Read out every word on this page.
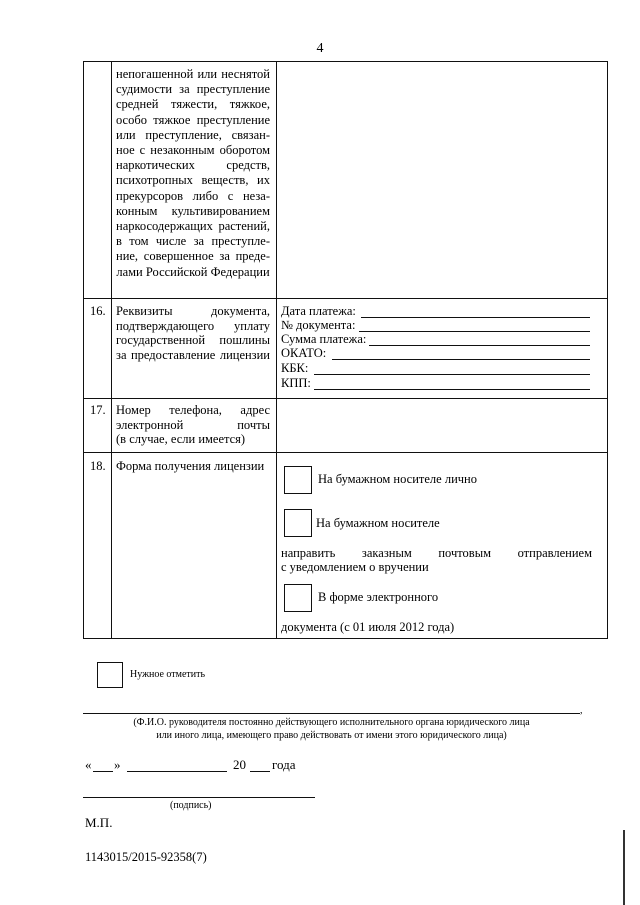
4
непогашенной или неснятой
судимости за преступление
средней тяжести, тяжкое,
особо тяжкое преступление
или преступление, связан-
ное с незаконным оборотом
наркотических средств,
психотропных веществ, их
прекурсоров либо с неза-
конным культивированием
наркосодержащих растений,
в том числе за преступле-
ние, совершенное за преде-
лами Российской Федерации
16. Реквизиты документа,
подтверждающего уплату
государственной пошлины
за предоставление лицензии
Дата платежа:
№ документа:
Сумма платежа:
ОКАТО:
КБК:
КПП:
17. Номер телефона, адрес
электронной почты
(в случае, если имеется)
18. Форма получения лицензии
На бумажном носителе лично
На бумажном носителе
направить заказным почтовым отправлением
с уведомлением о вручении
В форме электронного
документа (с 01 июля 2012 года)
Нужное отметить
,
(Ф.И.О. руководителя постоянно действующего исполнительного органа юридического лица
или иного лица, имеющего право действовать от имени этого юридического лица)
« »	20 года
(подпись)
М.П.
1143015/2015-92358(7)
